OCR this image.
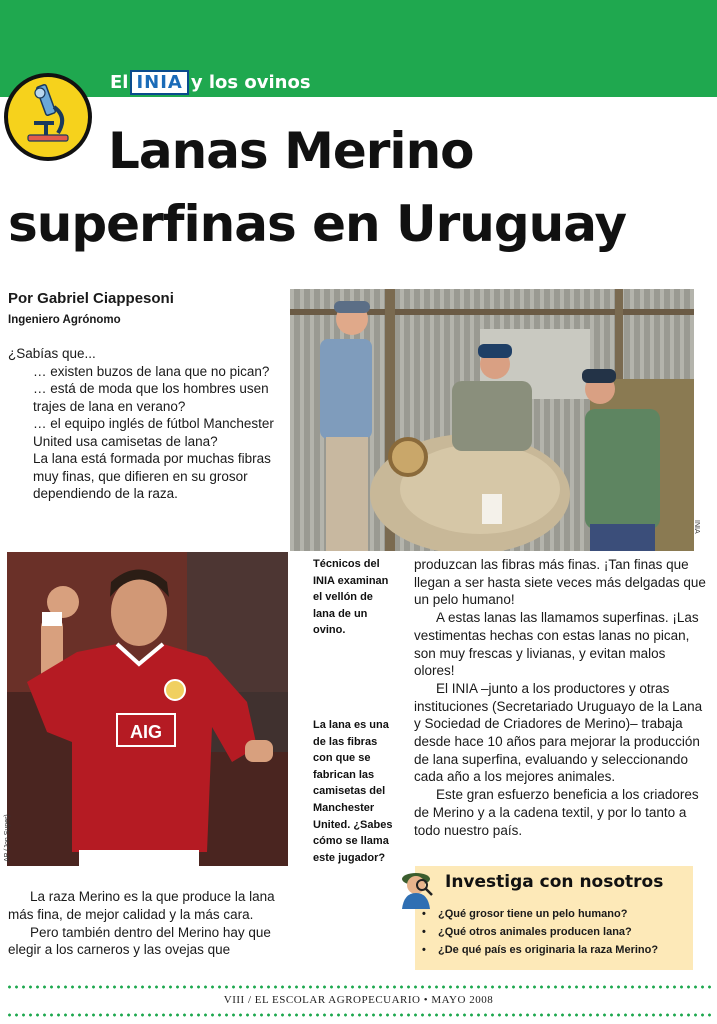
El INIA y los ovinos
Lanas Merino
superfinas en Uruguay
Por Gabriel Ciappesoni
Ingeniero Agrónomo

¿Sabías que...

… existen buzos de lana que no pican?

… está de moda que los hombres usen trajes de lana en verano?

… el equipo inglés de fútbol Manchester United usa camisetas de lana?

La lana está formada por muchas fibras muy finas, que difieren en su grosor dependiendo de la raza.

INIA
AIG
AP (Jon Super)
Técnicos del INIA examinan el vellón de lana de un ovino.
La lana es una de las fibras con que se fabrican las camisetas del Manchester United. ¿Sabes cómo se llama este jugador?

produzcan las fibras más finas. ¡Tan finas que llegan a ser hasta siete veces más delgadas que un pelo humano!

A estas lanas las llamamos superfinas. ¡Las vestimentas hechas con estas lanas no pican, son muy frescas y livianas, y evitan malos olores!

El INIA –junto a los productores y otras instituciones (Secretariado Uruguayo de la Lana y Sociedad de Criadores de Merino)– trabaja desde hace 10 años para mejorar la producción de lana superfina, evaluando y seleccionando cada año a los mejores animales.

Este gran esfuerzo beneficia a los criadores de Merino y a la cadena textil, y por lo tanto a todo nuestro país.

La raza Merino es la que produce la lana más fina, de mejor calidad y la más cara.

Pero también dentro del Merino hay que elegir a los carneros y las ovejas que

Investiga con nosotros
• ¿Qué grosor tiene un pelo humano?
• ¿Qué otros animales producen lana?
• ¿De qué país es originaria la raza Merino?
VIII / EL ESCOLAR AGROPECUARIO • MAYO 2008
